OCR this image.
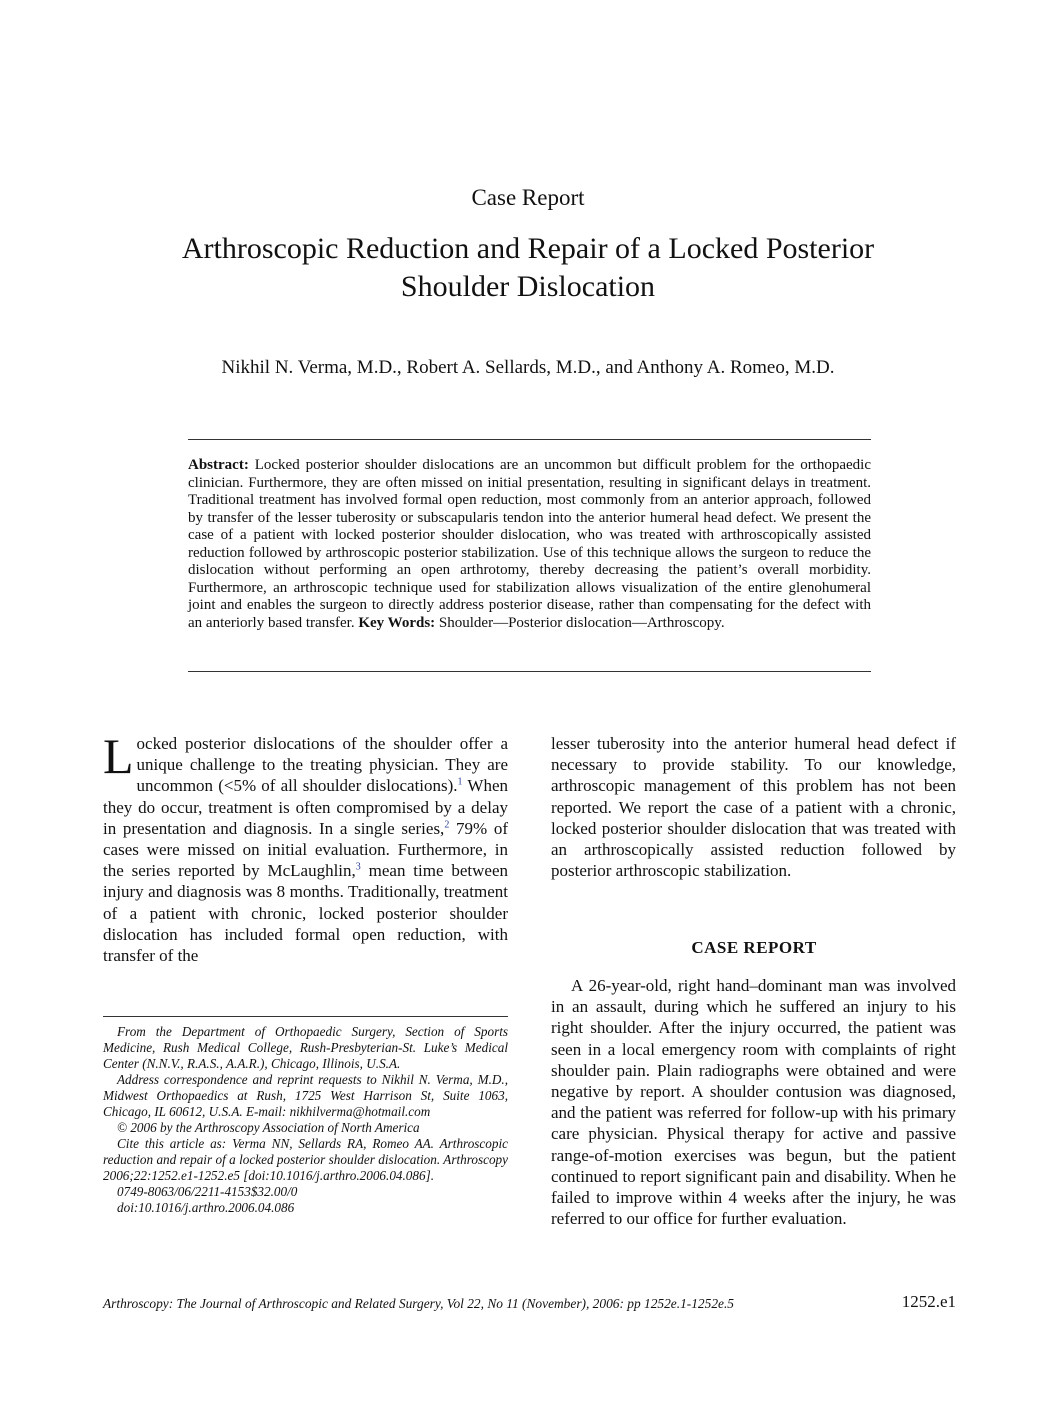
Case Report
Arthroscopic Reduction and Repair of a Locked Posterior
Shoulder Dislocation
Nikhil N. Verma, M.D., Robert A. Sellards, M.D., and Anthony A. Romeo, M.D.
Abstract: Locked posterior shoulder dislocations are an uncommon but difficult problem for the orthopaedic clinician. Furthermore, they are often missed on initial presentation, resulting in significant delays in treatment. Traditional treatment has involved formal open reduction, most commonly from an anterior approach, followed by transfer of the lesser tuberosity or subscapularis tendon into the anterior humeral head defect. We present the case of a patient with locked posterior shoulder dislocation, who was treated with arthroscopically assisted reduction followed by arthroscopic posterior stabilization. Use of this technique allows the surgeon to reduce the dislocation without performing an open arthrotomy, thereby decreasing the patient’s overall morbidity. Furthermore, an arthroscopic technique used for stabilization allows visualization of the entire glenohumeral joint and enables the surgeon to directly address posterior disease, rather than compensating for the defect with an anteriorly based transfer. Key Words: Shoulder—Posterior dislocation—Arthroscopy.

Locked posterior dislocations of the shoulder offer a unique challenge to the treating physician. They are uncommon (<5% of all shoulder dislocations).$^1$ When they do occur, treatment is often compromised by a delay in presentation and diagnosis. In a single series,$^2$ 79% of cases were missed on initial evaluation. Furthermore, in the series reported by McLaughlin,$^3$ mean time between injury and diagnosis was 8 months. Traditionally, treatment of a patient with chronic, locked posterior shoulder dislocation has included formal open reduction, with transfer of the

lesser tuberosity into the anterior humeral head defect if necessary to provide stability. To our knowledge, arthroscopic management of this problem has not been reported. We report the case of a patient with a chronic, locked posterior shoulder dislocation that was treated with an arthroscopically assisted reduction followed by posterior arthroscopic stabilization.

CASE REPORT

A 26-year-old, right hand–dominant man was involved in an assault, during which he suffered an injury to his right shoulder. After the injury occurred, the patient was seen in a local emergency room with complaints of right shoulder pain. Plain radiographs were obtained and were negative by report. A shoulder contusion was diagnosed, and the patient was referred for follow-up with his primary care physician. Physical therapy for active and passive range-of-motion exercises was begun, but the patient continued to report significant pain and disability. When he failed to improve within 4 weeks after the injury, he was referred to our office for further evaluation.

From the Department of Orthopaedic Surgery, Section of Sports Medicine, Rush Medical College, Rush-Presbyterian-St. Luke’s Medical Center (N.N.V., R.A.S., A.A.R.), Chicago, Illinois, U.S.A.

Address correspondence and reprint requests to Nikhil N. Verma, M.D., Midwest Orthopaedics at Rush, 1725 West Harrison St, Suite 1063, Chicago, IL 60612, U.S.A. E-mail: nikhilverma@hotmail.com

© 2006 by the Arthroscopy Association of North America

Cite this article as: Verma NN, Sellards RA, Romeo AA. Arthroscopic reduction and repair of a locked posterior shoulder dislocation. Arthroscopy 2006;22:1252.e1-1252.e5 [doi:10.1016/j.arthro.2006.04.086].

0749-8063/06/2211-4153$32.00/0

doi:10.1016/j.arthro.2006.04.086

Arthroscopy: The Journal of Arthroscopic and Related Surgery, Vol 22, No 11 (November), 2006: pp 1252e.1-1252e.5	1252.e1
